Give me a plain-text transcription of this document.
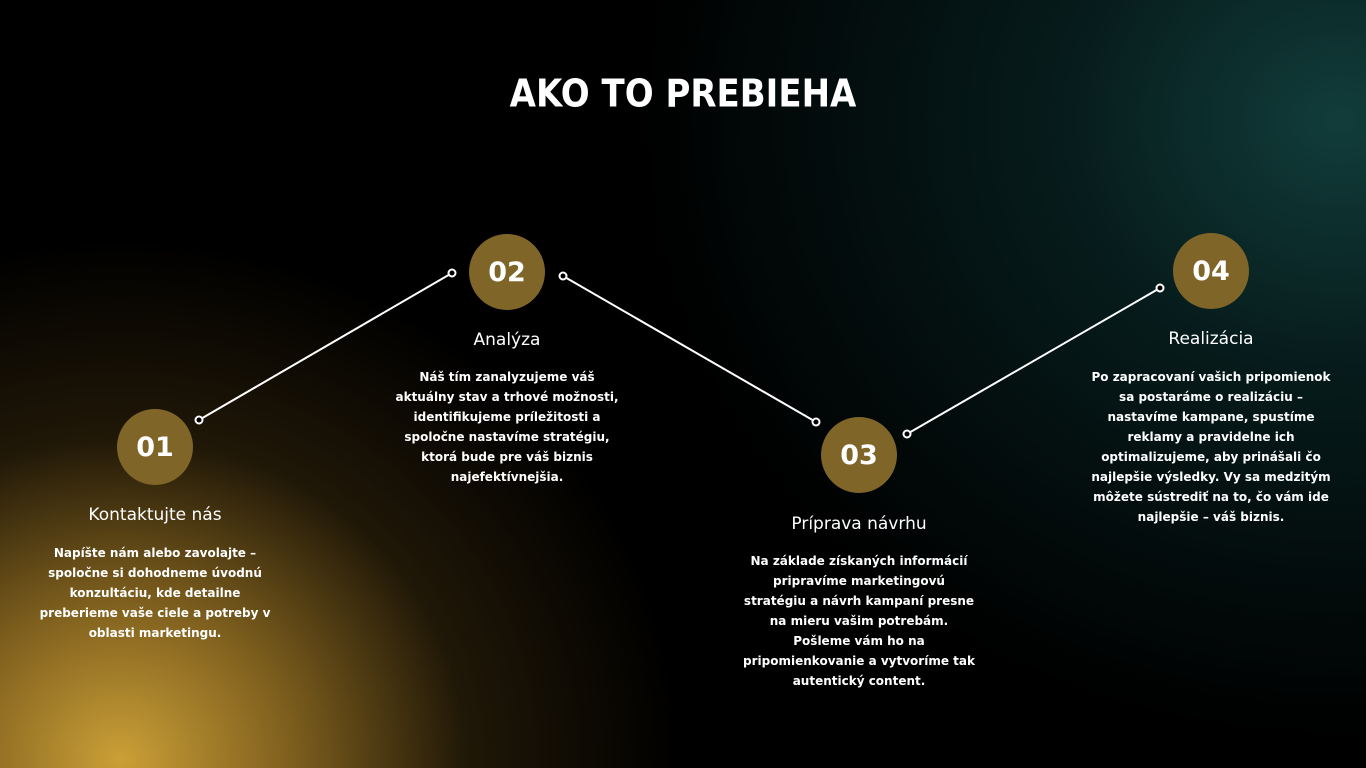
AKO TO PREBIEHA
01
Kontaktujte nás
Napíšte nám alebo zavolajte – spoločne si dohodneme úvodnú konzultáciu, kde detailne preberieme vaše ciele a potreby v oblasti marketingu.
02
Analýza
Náš tím zanalyzujeme váš aktuálny stav a trhové možnosti, identifikujeme príležitosti a spoločne nastavíme stratégiu, ktorá bude pre váš biznis najefektívnejšia.
03
Príprava návrhu
Na základe získaných informácií pripravíme marketingovú stratégiu a návrh kampaní presne na mieru vašim potrebám. Pošleme vám ho na pripomienkovanie a vytvoríme tak autentický content.
04
Realizácia
Po zapracovaní vašich pripomienok sa postaráme o realizáciu – nastavíme kampane, spustíme reklamy a pravidelne ich optimalizujeme, aby prinášali čo najlepšie výsledky. Vy sa medzitým môžete sústrediť na to, čo vám ide najlepšie – váš biznis.
